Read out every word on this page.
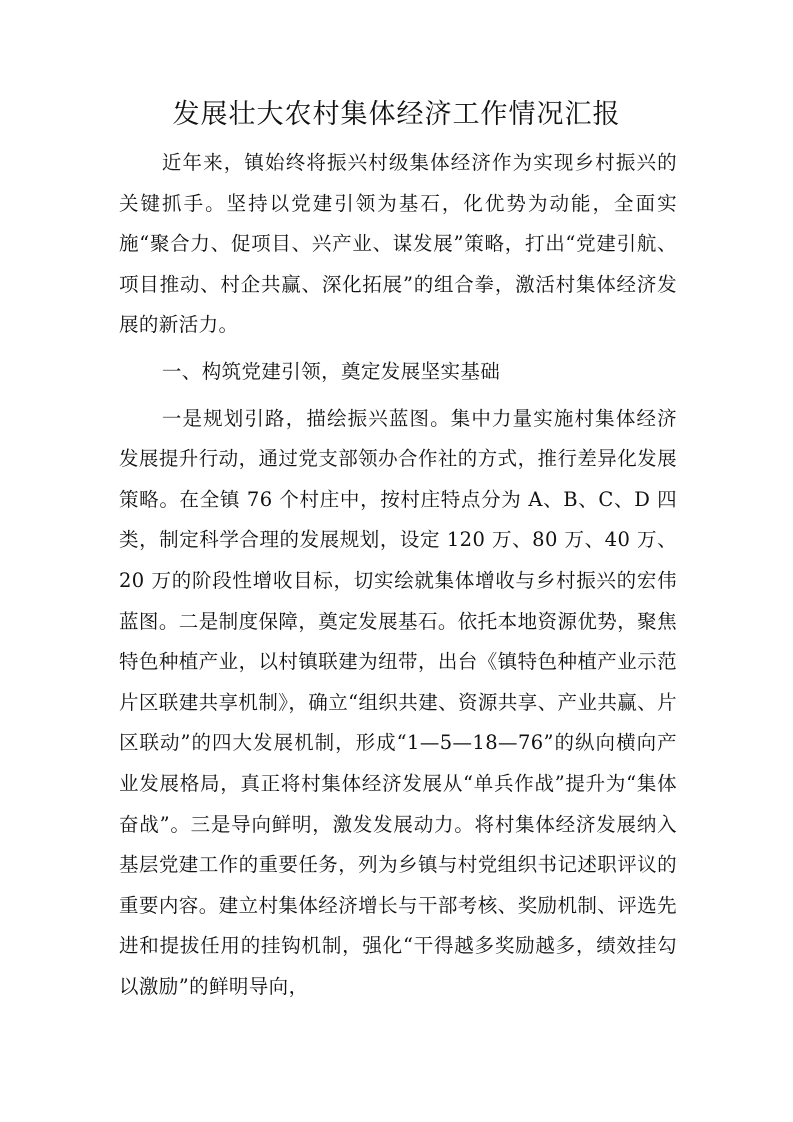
发展壮大农村集体经济工作情况汇报

近年来，镇始终将振兴村级集体经济作为实现乡村振兴的关键抓手。坚持以党建引领为基石，化优势为动能，全面实施“聚合力、促项目、兴产业、谋发展”策略，打出“党建引航、项目推动、村企共赢、深化拓展”的组合拳，激活村集体经济发展的新活力。

一、构筑党建引领，奠定发展坚实基础

一是规划引路，描绘振兴蓝图。集中力量实施村集体经济发展提升行动，通过党支部领办合作社的方式，推行差异化发展策略。在全镇 76 个村庄中，按村庄特点分为 A、B、C、D 四类，制定科学合理的发展规划，设定 120 万、80 万、40 万、20 万的阶段性增收目标，切实绘就集体增收与乡村振兴的宏伟蓝图。二是制度保障，奠定发展基石。依托本地资源优势，聚焦特色种植产业，以村镇联建为纽带，出台《镇特色种植产业示范片区联建共享机制》，确立“组织共建、资源共享、产业共赢、片区联动”的四大发展机制，形成“1—5—18—76”的纵向横向产业发展格局，真正将村集体经济发展从“单兵作战”提升为“集体奋战”。三是导向鲜明，激发发展动力。将村集体经济发展纳入基层党建工作的重要任务，列为乡镇与村党组织书记述职评议的重要内容。建立村集体经济增长与干部考核、奖励机制、评选先进和提拔任用的挂钩机制，强化“干得越多奖励越多，绩效挂勾以激励”的鲜明导向，
